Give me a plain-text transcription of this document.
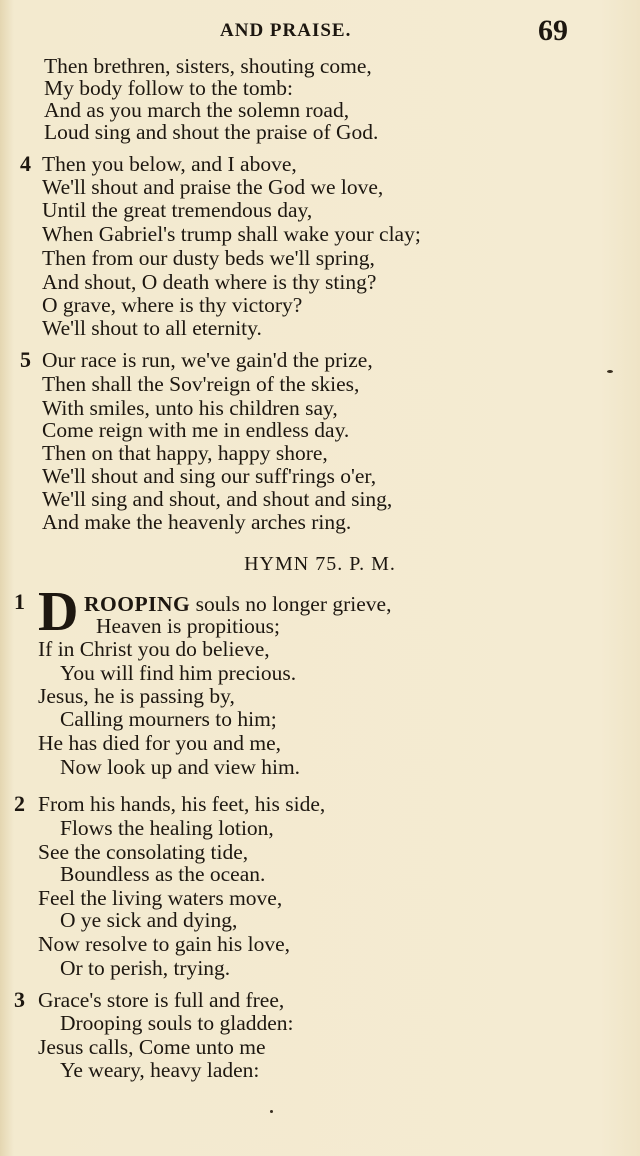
AND PRAISE.	69
Then brethren, sisters, shouting come,
My body follow to the tomb:
And as you march the solemn road,
Loud sing and shout the praise of God.
4 Then you below, and I above,
We'll shout and praise the God we love,
Until the great tremendous day,
When Gabriel's trump shall wake your clay;
Then from our dusty beds we'll spring,
And shout, O death where is thy sting?
O grave, where is thy victory?
We'll shout to all eternity.
5 Our race is run, we've gain'd the prize,
Then shall the Sov'reign of the skies,
With smiles, unto his children say,
Come reign with me in endless day.
Then on that happy, happy shore,
We'll shout and sing our suff'rings o'er,
We'll sing and shout, and shout and sing,
And make the heavenly arches ring.
HYMN 75. P. M.
1 D ROOPING souls no longer grieve,
Heaven is propitious;
If in Christ you do believe,
You will find him precious.
Jesus, he is passing by,
Calling mourners to him;
He has died for you and me,
Now look up and view him.
2 From his hands, his feet, his side,
Flows the healing lotion,
See the consolating tide,
Boundless as the ocean.
Feel the living waters move,
O ye sick and dying,
Now resolve to gain his love,
Or to perish, trying.
3 Grace's store is full and free,
Drooping souls to gladden:
Jesus calls, Come unto me
Ye weary, heavy laden:
